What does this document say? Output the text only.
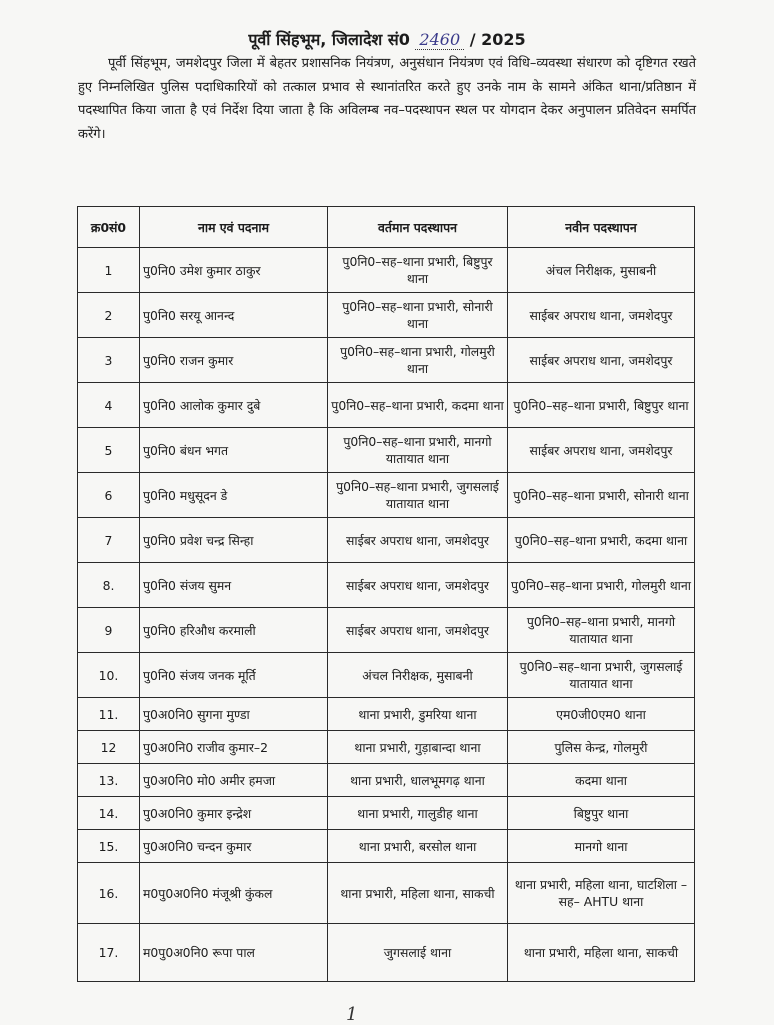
पूर्वी सिंहभूम, जिलादेश सं0 2460 / 2025

पूर्वी सिंहभूम, जमशेदपुर जिला में बेहतर प्रशासनिक नियंत्रण, अनुसंधान नियंत्रण एवं विधि–व्यवस्था संधारण को दृष्टिगत रखते हुए निम्नलिखित पुलिस पदाधिकारियों को तत्काल प्रभाव से स्थानांतरित करते हुए उनके नाम के सामने अंकित थाना/प्रतिष्ठान में पदस्थापित किया जाता है एवं निर्देश दिया जाता है कि अविलम्ब नव–पदस्थापन स्थल पर योगदान देकर अनुपालन प्रतिवेदन समर्पित करेंगे।

क्र0सं0	नाम एवं पदनाम	वर्तमान पदस्थापन	नवीन पदस्थापन
1	पु0नि0 उमेश कुमार ठाकुर	पु0नि0–सह–थाना प्रभारी, बिष्टुपुर थाना	अंचल निरीक्षक, मुसाबनी
2	पु0नि0 सरयू आनन्द	पु0नि0–सह–थाना प्रभारी, सोनारी थाना	साईबर अपराध थाना, जमशेदपुर
3	पु0नि0 राजन कुमार	पु0नि0–सह–थाना प्रभारी, गोलमुरी थाना	साईबर अपराध थाना, जमशेदपुर
4	पु0नि0 आलोक कुमार दुबे	पु0नि0–सह–थाना प्रभारी, कदमा थाना	पु0नि0–सह–थाना प्रभारी, बिष्टुपुर थाना
5	पु0नि0 बंधन भगत	पु0नि0–सह–थाना प्रभारी, मानगो यातायात थाना	साईबर अपराध थाना, जमशेदपुर
6	पु0नि0 मधुसूदन डे	पु0नि0–सह–थाना प्रभारी, जुगसलाई यातायात थाना	पु0नि0–सह–थाना प्रभारी, सोनारी थाना
7	पु0नि0 प्रवेश चन्द्र सिन्हा	साईबर अपराध थाना, जमशेदपुर	पु0नि0–सह–थाना प्रभारी, कदमा थाना
8.	पु0नि0 संजय सुमन	साईबर अपराध थाना, जमशेदपुर	पु0नि0–सह–थाना प्रभारी, गोलमुरी थाना
9	पु0नि0 हरिऔध करमाली	साईबर अपराध थाना, जमशेदपुर	पु0नि0–सह–थाना प्रभारी, मानगो यातायात थाना
10.	पु0नि0 संजय जनक मूर्ति	अंचल निरीक्षक, मुसाबनी	पु0नि0–सह–थाना प्रभारी, जुगसलाई यातायात थाना
11.	पु0अ0नि0 सुगना मुण्डा	थाना प्रभारी, डुमरिया थाना	एम0जी0एम0 थाना
12	पु0अ0नि0 राजीव कुमार–2	थाना प्रभारी, गुड़ाबान्दा थाना	पुलिस केन्द्र, गोलमुरी
13.	पु0अ0नि0 मो0 अमीर हमजा	थाना प्रभारी, धालभूमगढ़ थाना	कदमा थाना
14.	पु0अ0नि0 कुमार इन्द्रेश	थाना प्रभारी, गालुडीह थाना	बिष्टुपुर थाना
15.	पु0अ0नि0 चन्दन कुमार	थाना प्रभारी, बरसोल थाना	मानगो थाना
16.	म0पु0अ0नि0 मंजूश्री कुंकल	थाना प्रभारी, महिला थाना, साकची	थाना प्रभारी, महिला थाना, घाटशिला –सह– AHTU थाना
17.	म0पु0अ0नि0 रूपा पाल	जुगसलाई थाना	थाना प्रभारी, महिला थाना, साकची
1
